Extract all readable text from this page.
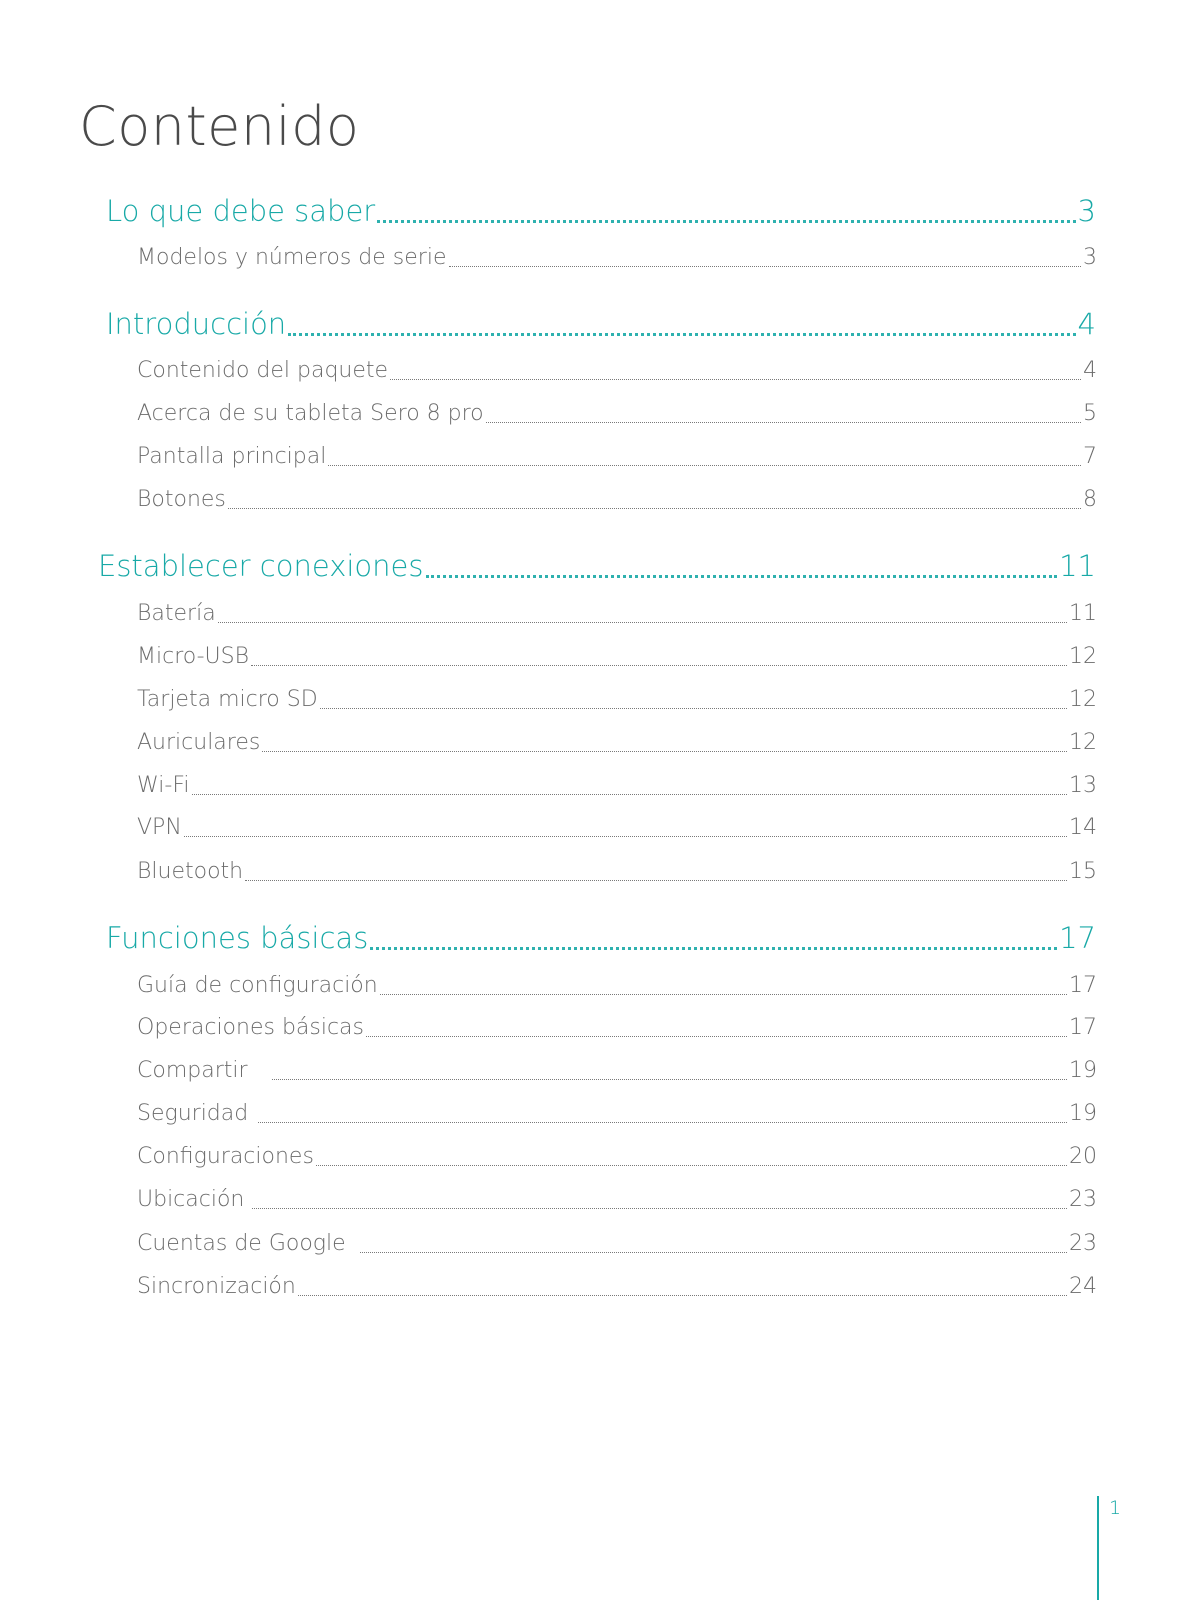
Contenido
Lo que debe saber	3
Modelos y números de serie	3
Introducción	4
Contenido del paquete	4
Acerca de su tableta Sero 8 pro	5
Pantalla principal	7
Botones	8
Establecer conexiones	11
Batería	11
Micro-USB	12
Tarjeta micro SD	12
Auriculares	12
Wi-Fi	13
VPN	14
Bluetooth	15
Funciones básicas	17
Guía de configuración	17
Operaciones básicas	17
Compartir	19
Seguridad	19
Configuraciones	20
Ubicación	23
Cuentas de Google	23
Sincronización	24
1
